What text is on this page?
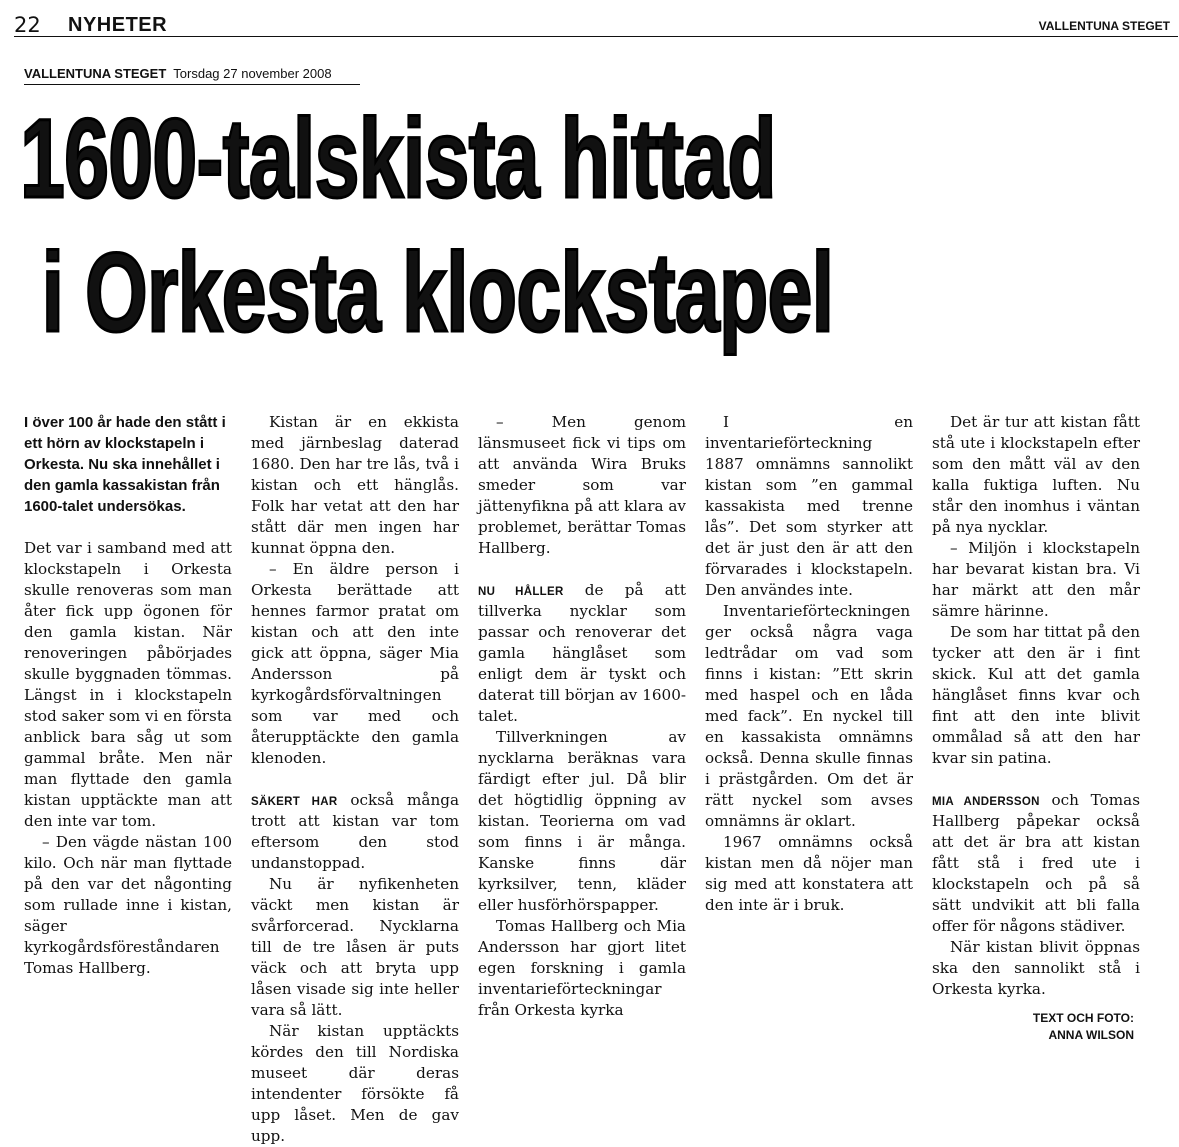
22 NYHETER	VALLENTUNA STEGET
VALLENTUNA STEGET Torsdag 27 november 2008
1600-talskista hittad
i Orkesta klockstapel

I över 100 år hade den stått i ett hörn av klockstapeln i Orkesta. Nu ska innehållet i den gamla kassakistan från 1600-talet undersökas.

Det var i samband med att klockstapeln i Orkesta skulle renoveras som man åter fick upp ögonen för den gamla kistan. När renoveringen påbörjades skulle byggnaden tömmas. Längst in i klockstapeln stod saker som vi en första anblick bara såg ut som gammal bråte. Men när man flyttade den gamla kistan upptäckte man att den inte var tom.

– Den vägde nästan 100 kilo. Och när man flyttade på den var det någonting som rullade inne i kistan, säger kyrkogårdsföreståndaren Tomas Hallberg.

Kistan är en ekkista med järnbeslag daterad 1680. Den har tre lås, två i kistan och ett hänglås. Folk har vetat att den har stått där men ingen har kunnat öppna den.

– En äldre person i Orkesta berättade att hennes farmor pratat om kistan och att den inte gick att öppna, säger Mia Andersson på kyrkogårdsförvaltningen som var med och återupptäckte den gamla klenoden.

SÄKERT HAR också många trott att kistan var tom eftersom den stod undanstoppad.

Nu är nyfikenheten väckt men kistan är svårforcerad. Nycklarna till de tre låsen är puts väck och att bryta upp låsen visade sig inte heller vara så lätt.

När kistan upptäckts kördes den till Nordiska museet där deras intendenter försökte få upp låset. Men de gav upp.

– Men genom länsmuseet fick vi tips om att använda Wira Bruks smeder som var jättenyfikna på att klara av problemet, berättar Tomas Hallberg.

NU HÅLLER de på att tillverka nycklar som passar och renoverar det gamla hänglåset som enligt dem är tyskt och daterat till början av 1600-talet.

Tillverkningen av nycklarna beräknas vara färdigt efter jul. Då blir det högtidlig öppning av kistan. Teorierna om vad som finns i är många. Kanske finns där kyrksilver, tenn, kläder eller husförhörspapper.

Tomas Hallberg och Mia Andersson har gjort litet egen forskning i gamla inventarieförteckningar från Orkesta kyrka

I en inventarieförteckning 1887 omnämns sannolikt kistan som ”en gammal kassakista med trenne lås”. Det som styrker att det är just den är att den förvarades i klockstapeln. Den användes inte.

Inventarieförteckningen ger också några vaga ledtrådar om vad som finns i kistan: ”Ett skrin med haspel och en låda med fack”. En nyckel till en kassakista omnämns också. Denna skulle finnas i prästgården. Om det är rätt nyckel som avses omnämns är oklart.

1967 omnämns också kistan men då nöjer man sig med att konstatera att den inte är i bruk.

Det är tur att kistan fått stå ute i klockstapeln efter som den mått väl av den kalla fuktiga luften. Nu står den inomhus i väntan på nya nycklar.

– Miljön i klockstapeln har bevarat kistan bra. Vi har märkt att den mår sämre härinne.

De som har tittat på den tycker att den är i fint skick. Kul att det gamla hänglåset finns kvar och fint att den inte blivit ommålad så att den har kvar sin patina.

MIA ANDERSSON och Tomas Hallberg påpekar också att det är bra att kistan fått stå i fred ute i klockstapeln och på så sätt undvikit att bli falla offer för någons städiver.

När kistan blivit öppnas ska den sannolikt stå i Orkesta kyrka.

TEXT OCH FOTO:
ANNA WILSON
